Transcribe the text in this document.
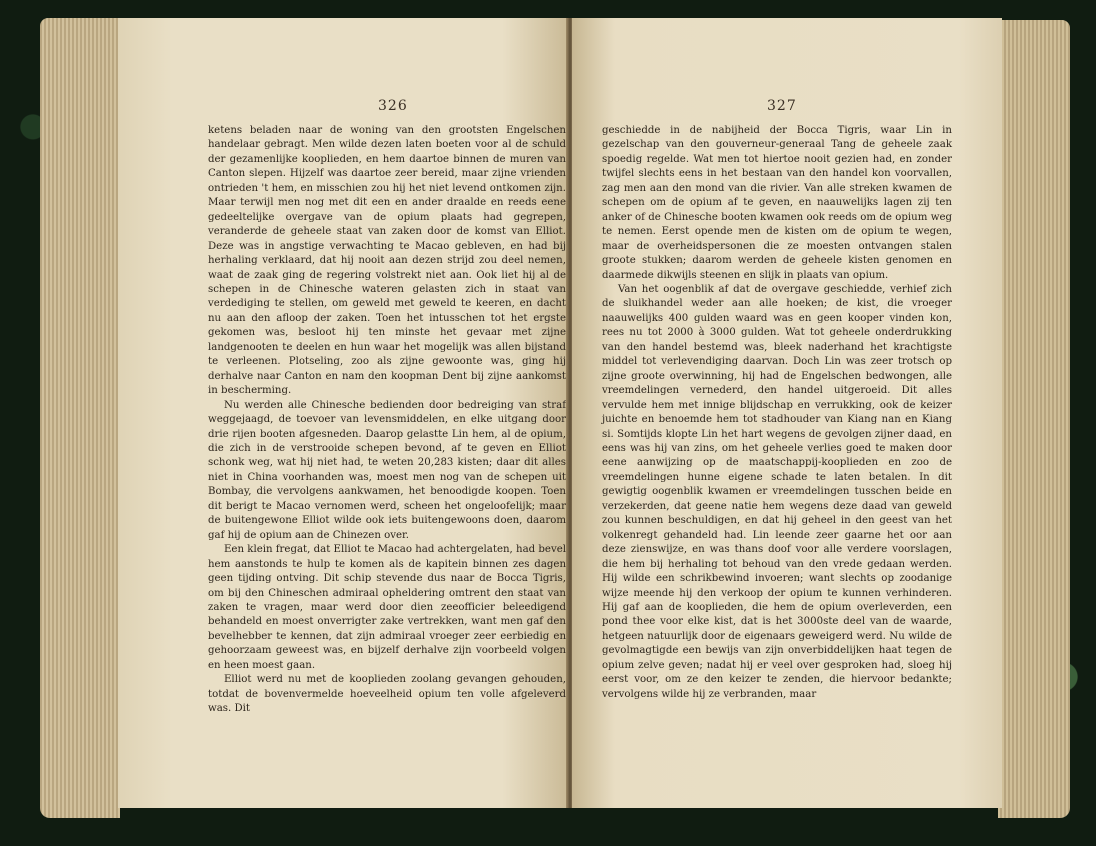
326

ketens beladen naar de woning van den grootsten Engelschen handelaar gebragt. Men wilde dezen laten boeten voor al de schuld der gezamenlijke kooplieden, en hem daartoe binnen de muren van Canton slepen. Hijzelf was daartoe zeer bereid, maar zijne vrienden ontrieden 't hem, en misschien zou hij het niet levend ontkomen zijn. Maar terwijl men nog met dit een en ander draalde en reeds eene gedeeltelijke overgave van de opium plaats had gegrepen, veranderde de geheele staat van zaken door de komst van Elliot. Deze was in angstige verwachting te Macao gebleven, en had bij herhaling verklaard, dat hij nooit aan dezen strijd zou deel nemen, waat de zaak ging de regering volstrekt niet aan. Ook liet hij al de schepen in de Chinesche wateren gelasten zich in staat van verdediging te stellen, om geweld met geweld te keeren, en dacht nu aan den afloop der zaken. Toen het intusschen tot het ergste gekomen was, besloot hij ten minste het gevaar met zijne landgenooten te deelen en hun waar het mogelijk was allen bijstand te verleenen. Plotseling, zoo als zijne gewoonte was, ging hij derhalve naar Canton en nam den koopman Dent bij zijne aankomst in bescherming.

Nu werden alle Chinesche bedienden door bedreiging van straf weggejaagd, de toevoer van levensmiddelen, en elke uitgang door drie rijen booten afgesneden. Daarop gelastte Lin hem, al de opium, die zich in de verstrooide schepen bevond, af te geven en Elliot schonk weg, wat hij niet had, te weten 20,283 kisten; daar dit alles niet in China voorhanden was, moest men nog van de schepen uit Bombay, die vervolgens aankwamen, het benoodigde koopen. Toen dit berigt te Macao vernomen werd, scheen het ongeloofelijk; maar de buitengewone Elliot wilde ook iets buitengewoons doen, daarom gaf hij de opium aan de Chinezen over.

Een klein fregat, dat Elliot te Macao had achtergelaten, had bevel hem aanstonds te hulp te komen als de kapitein binnen zes dagen geen tijding ontving. Dit schip stevende dus naar de Bocca Tigris, om bij den Chineschen admiraal opheldering omtrent den staat van zaken te vragen, maar werd door dien zeeofficier beleedigend behandeld en moest onverrigter zake vertrekken, want men gaf den bevelhebber te kennen, dat zijn admiraal vroeger zeer eerbiedig en gehoorzaam geweest was, en bijzelf derhalve zijn voorbeeld volgen en heen moest gaan.

Elliot werd nu met de kooplieden zoolang gevangen gehouden, totdat de bovenvermelde hoeveelheid opium ten volle afgeleverd was. Dit

327

geschiedde in de nabijheid der Bocca Tigris, waar Lin in gezelschap van den gouverneur-generaal Tang de geheele zaak spoedig regelde. Wat men tot hiertoe nooit gezien had, en zonder twijfel slechts eens in het bestaan van den handel kon voorvallen, zag men aan den mond van die rivier. Van alle streken kwamen de schepen om de opium af te geven, en naauwelijks lagen zij ten anker of de Chinesche booten kwamen ook reeds om de opium weg te nemen. Eerst opende men de kisten om de opium te wegen, maar de overheidspersonen die ze moesten ontvangen stalen groote stukken; daarom werden de geheele kisten genomen en daarmede dikwijls steenen en slijk in plaats van opium.

Van het oogenblik af dat de overgave geschiedde, verhief zich de sluikhandel weder aan alle hoeken; de kist, die vroeger naauwelijks 400 gulden waard was en geen kooper vinden kon, rees nu tot 2000 à 3000 gulden. Wat tot geheele onderdrukking van den handel bestemd was, bleek naderhand het krachtigste middel tot verlevendiging daarvan. Doch Lin was zeer trotsch op zijne groote overwinning, hij had de Engelschen bedwongen, alle vreemdelingen vernederd, den handel uitgeroeid. Dit alles vervulde hem met innige blijdschap en verrukking, ook de keizer juichte en benoemde hem tot stadhouder van Kiang nan en Kiang si. Somtijds klopte Lin het hart wegens de gevolgen zijner daad, en eens was hij van zins, om het geheele verlies goed te maken door eene aanwijzing op de maatschappij-kooplieden en zoo de vreemdelingen hunne eigene schade te laten betalen. In dit gewigtig oogenblik kwamen er vreemdelingen tusschen beide en verzekerden, dat geene natie hem wegens deze daad van geweld zou kunnen beschuldigen, en dat hij geheel in den geest van het volkenregt gehandeld had. Lin leende zeer gaarne het oor aan deze zienswijze, en was thans doof voor alle verdere voorslagen, die hem bij herhaling tot behoud van den vrede gedaan werden. Hij wilde een schrikbewind invoeren; want slechts op zoodanige wijze meende hij den verkoop der opium te kunnen verhinderen. Hij gaf aan de kooplieden, die hem de opium overleverden, een pond thee voor elke kist, dat is het 3000ste deel van de waarde, hetgeen natuurlijk door de eigenaars geweigerd werd. Nu wilde de gevolmagtigde een bewijs van zijn onverbiddelijken haat tegen de opium zelve geven; nadat hij er veel over gesproken had, sloeg hij eerst voor, om ze den keizer te zenden, die hiervoor bedankte; vervolgens wilde hij ze verbranden, maar
